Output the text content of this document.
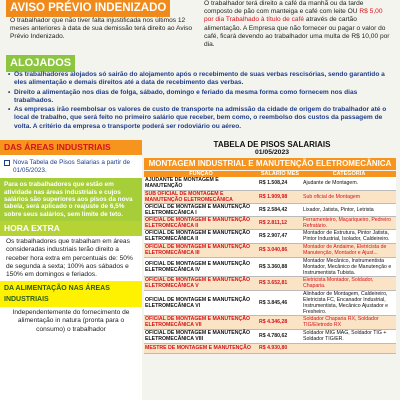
AVISO PRÉVIO INDENIZADO
O trabalhador que não tiver falta injustificada nos últimos 12 meses anteriores à data de sua demissão terá direito ao Aviso Prévio Indenizado.
O trabalhador terá direito a café da manhã ou da tarde composto de pão com manteiga e café com leite OU R$ 5,00 por dia Trabalhado à título de café através de cartão alimentação. A Empresa que não fornecer ou pagar o valor do café, ficará devendo ao trabalhador uma multa de R$ 10,00 por dia.
ALOJADOS
• Os trabalhadores alojados só sairão do alojamento após o recebimento de suas verbas rescisórias, sendo garantido a eles alimentação e demais direitos até a data de recebimento das verbas.
• Direito a alimentação nos dias de folga, sábado, domingo e feriado da mesma forma como fornecem nos dias trabalhados.
• As empresas irão reembolsar os valores de custo de transporte na admissão da cidade de origem do trabalhador até o local de trabalho, que será feito no primeiro salário que receber, bem como, o reembolso dos custos da passagem de volta. A critério da empresa o transporte poderá ser rodoviário ou aéreo.
DAS ÁREAS INDUSTRIAIS
Nova Tabela de Pisos Salarias a partir de 01/05/2023.
Para os trabalhadores que estão em atividade nas áreas industriais e cujos salários são superiores aos pisos da nova tabela, será aplicado o reajuste de 6,5% sobre seus salários, sem limite de teto.
HORA EXTRA
Os trabalhadores que trabalham em áreas consideradas industriais terão direito a receber hora extra em percentuais de: 50% de segunda a sexta; 100% aos sábados e 150% em domingos e feriados.
DA ALIMENTAÇÃO NAS ÁREAS INDUSTRIAIS
Independentemente do fornecimento de alimentação in natura (pronta para o consumo) o trabalhador
TABELA DE PISOS SALARIAIS
01/05/2023
MONTAGEM INDUSTRIAL E MANUTENÇÃO ELETROMECÂNICA
FUNÇÃO	SALÁRIO MÊS	CATEGORIA
AJUDANTE DE MONTAGEM E MANUTENÇÃO	R$ 1.508,24	Ajudante de Montagem.
SUB OFICIAL DE MONTAGEM E MANUTENÇÃO ELETROMECÂNICA	R$ 1.909,98	Sub oficial de Montagem
OFICIAL DE MONTAGEM E MANUTENÇÃO ELETROMECÂNICA I	R$ 2.584,42	Lixador, Jatista, Pintor, Letrista
OFICIAL DE MONTAGEM E MANUTENÇÃO ELETROMECÂNICA II	R$ 2.811,12	Ferramenteiro, Maçariqueiro, Pedreiro Refratário.
OFICIAL DE MONTAGEM E MANUTENÇÃO ELETROMECÂNICA II	R$ 2.907,47	Montador de Estrutura, Pintor Jatista, Pintor Industrial, Isolador, Caldeireiro.
OFICIAL DE MONTAGEM E MANUTENÇÃO ELETROMECÂNICA III	R$ 3.040,86	Montador de Andaime, Eletricista de Manutenção, Montador e Ajust...
OFICIAL DE MONTAGEM E MANUTENÇÃO ELETROMECÂNICA IV	R$ 3.360,88	Montador Mecânico, Instrumentista Montador, Mecânico de Manutenção e Instrumentista Tubista.
OFICIAL DE MONTAGEM E MANUTENÇÃO ELETROMECÂNICA V	R$ 3.652,81	Eletricista Montador, Soldador, Chaparia.
OFICIAL DE MONTAGEM E MANUTENÇÃO ELETROMECÂNICA VI	R$ 3.845,46	Alinhador de Montagem, Caldeireiro, Eletricista FC, Encanador Industrial, Instrumentista, Mecânico Ajustador e Fresheiro.
OFICIAL DE MONTAGEM E MANUTENÇÃO ELETROMECÂNICA VII	R$ 4.346,28	Soldador Chaparia RX, Soldador TIG/Eletrodo RX
OFICIAL DE MONTAGEM E MANUTENÇÃO ELETROMECÂNICA VIII	R$ 4.780,62	Soldador MIG MAG, Soldador TIG + Soldador TIG/ER.
MESTRE DE MONTAGEM E MANUTENÇÃO	R$ 4.930,80	
